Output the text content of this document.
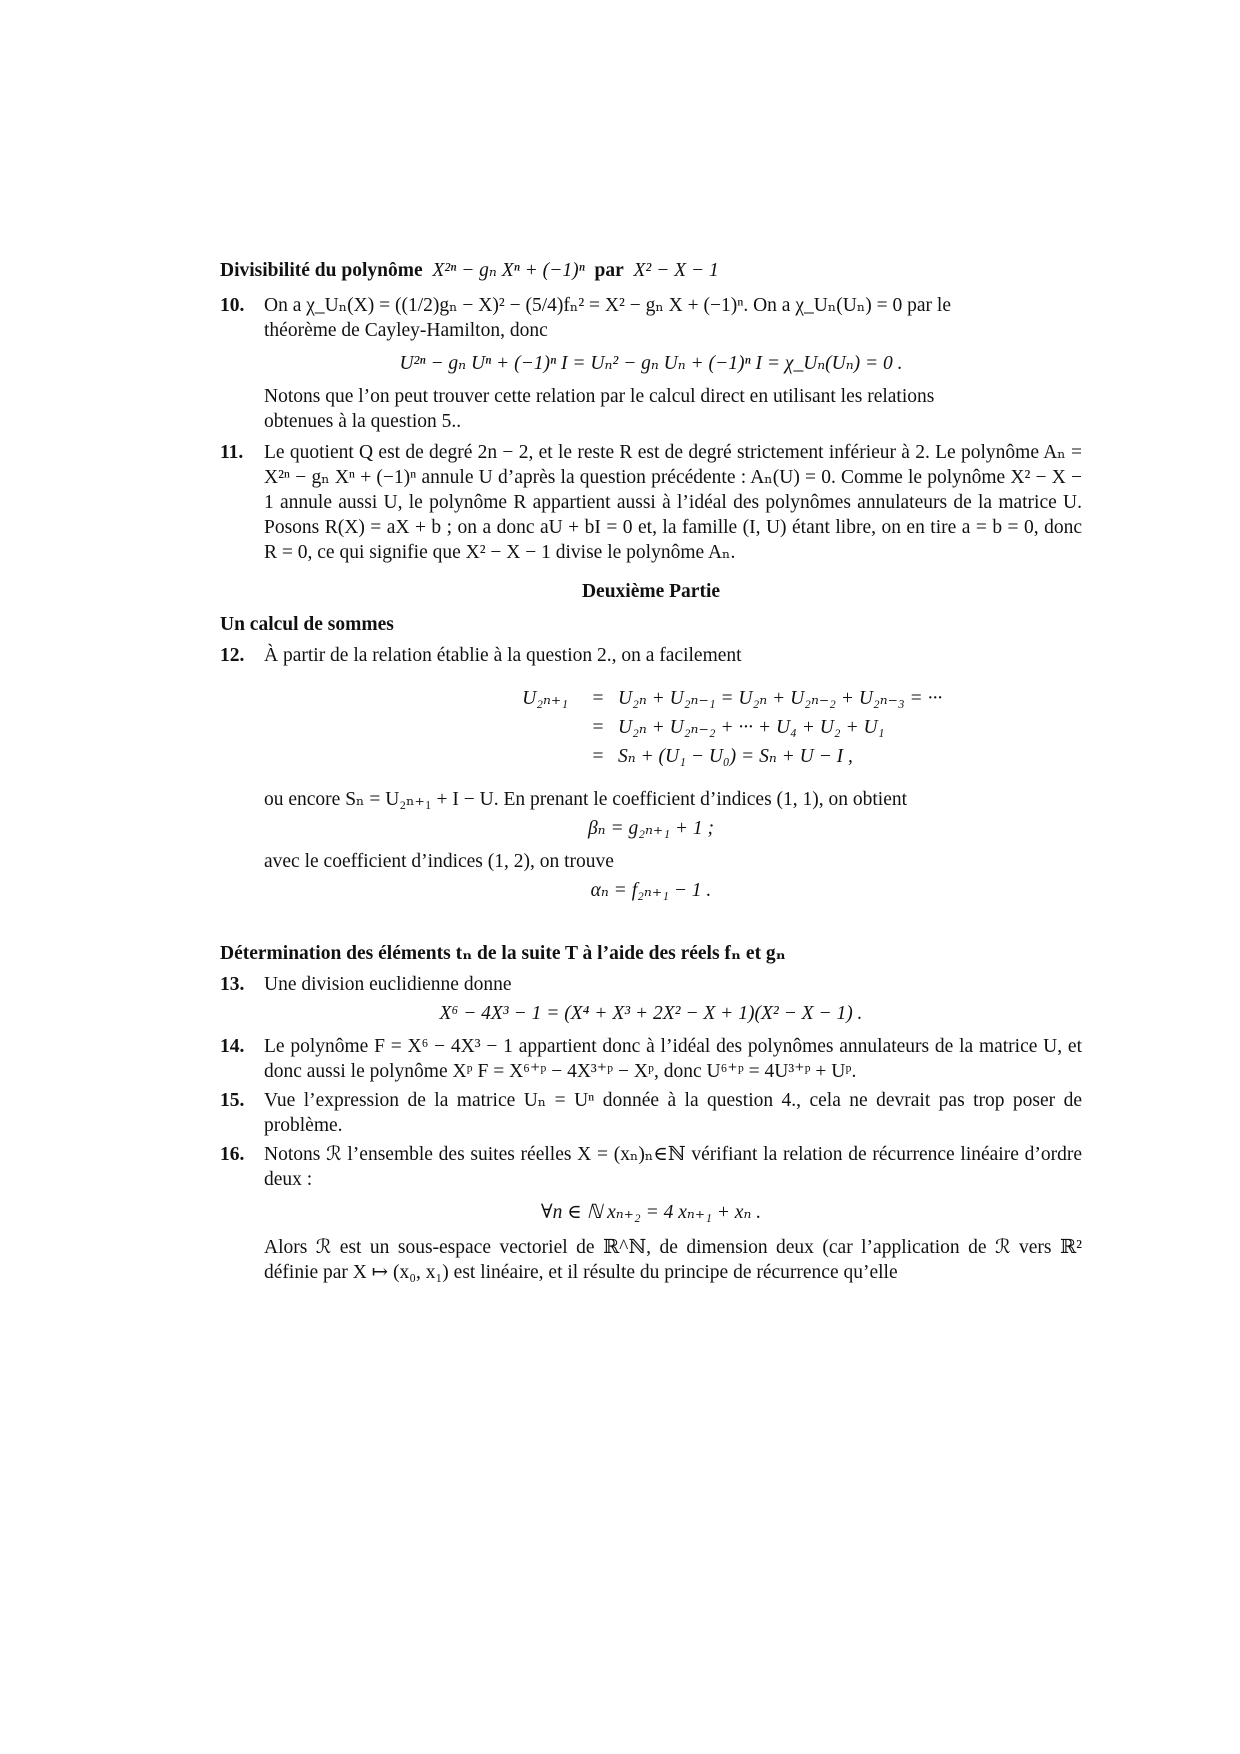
Divisibilité du polynôme X²ⁿ − gₙ Xⁿ + (−1)ⁿ par X² − X − 1

10. On a χ_Uₙ(X) = ((1/2)gₙ − X)² − (5/4)fₙ² = X² − gₙ X + (−1)ⁿ. On a χ_Uₙ(Uₙ) = 0 par le

théorème de Cayley-Hamilton, donc

U²ⁿ − gₙ Uⁿ + (−1)ⁿ I = Uₙ² − gₙ Uₙ + (−1)ⁿ I = χ_Uₙ(Uₙ) = 0 .

Notons que l’on peut trouver cette relation par le calcul direct en utilisant les relations

obtenues à la question 5..

11. Le quotient Q est de degré 2n − 2, et le reste R est de degré strictement inférieur à 2. Le polynôme Aₙ = X²ⁿ − gₙ Xⁿ + (−1)ⁿ annule U d’après la question précédente : Aₙ(U) = 0. Comme le polynôme X² − X − 1 annule aussi U, le polynôme R appartient aussi à l’idéal des polynômes annulateurs de la matrice U. Posons R(X) = aX + b ; on a donc aU + bI = 0 et, la famille (I, U) étant libre, on en tire a = b = 0, donc R = 0, ce qui signifie que X² − X − 1 divise le polynôme Aₙ.

Deuxième Partie

Un calcul de sommes

12. À partir de la relation établie à la question 2., on a facilement

U₂ₙ₊₁	= U₂ₙ + U₂ₙ₋₁ = U₂ₙ + U₂ₙ₋₂ + U₂ₙ₋₃ = ···
= U₂ₙ + U₂ₙ₋₂ + ··· + U₄ + U₂ + U₁
= Sₙ + (U₁ − U₀) = Sₙ + U − I ,

ou encore Sₙ = U₂ₙ₊₁ + I − U. En prenant le coefficient d’indices (1, 1), on obtient

βₙ = g₂ₙ₊₁ + 1 ;

avec le coefficient d’indices (1, 2), on trouve

αₙ = f₂ₙ₊₁ − 1 .

Détermination des éléments tₙ de la suite T à l’aide des réels fₙ et gₙ

13. Une division euclidienne donne

X⁶ − 4X³ − 1 = (X⁴ + X³ + 2X² − X + 1)(X² − X − 1) .

14. Le polynôme F = X⁶ − 4X³ − 1 appartient donc à l’idéal des polynômes annulateurs de la matrice U, et donc aussi le polynôme Xᵖ F = X⁶⁺ᵖ − 4X³⁺ᵖ − Xᵖ, donc U⁶⁺ᵖ = 4U³⁺ᵖ + Uᵖ.

15. Vue l’expression de la matrice Uₙ = Uⁿ donnée à la question 4., cela ne devrait pas trop poser de problème.

16. Notons ℛ l’ensemble des suites réelles X = (xₙ)ₙ∈ℕ vérifiant la relation de récurrence linéaire d’ordre deux :

∀n ∈ ℕ xₙ₊₂ = 4 xₙ₊₁ + xₙ .

Alors ℛ est un sous-espace vectoriel de ℝ^ℕ, de dimension deux (car l’application de ℛ vers ℝ² définie par X ↦ (x₀, x₁) est linéaire, et il résulte du principe de récurrence qu’elle
